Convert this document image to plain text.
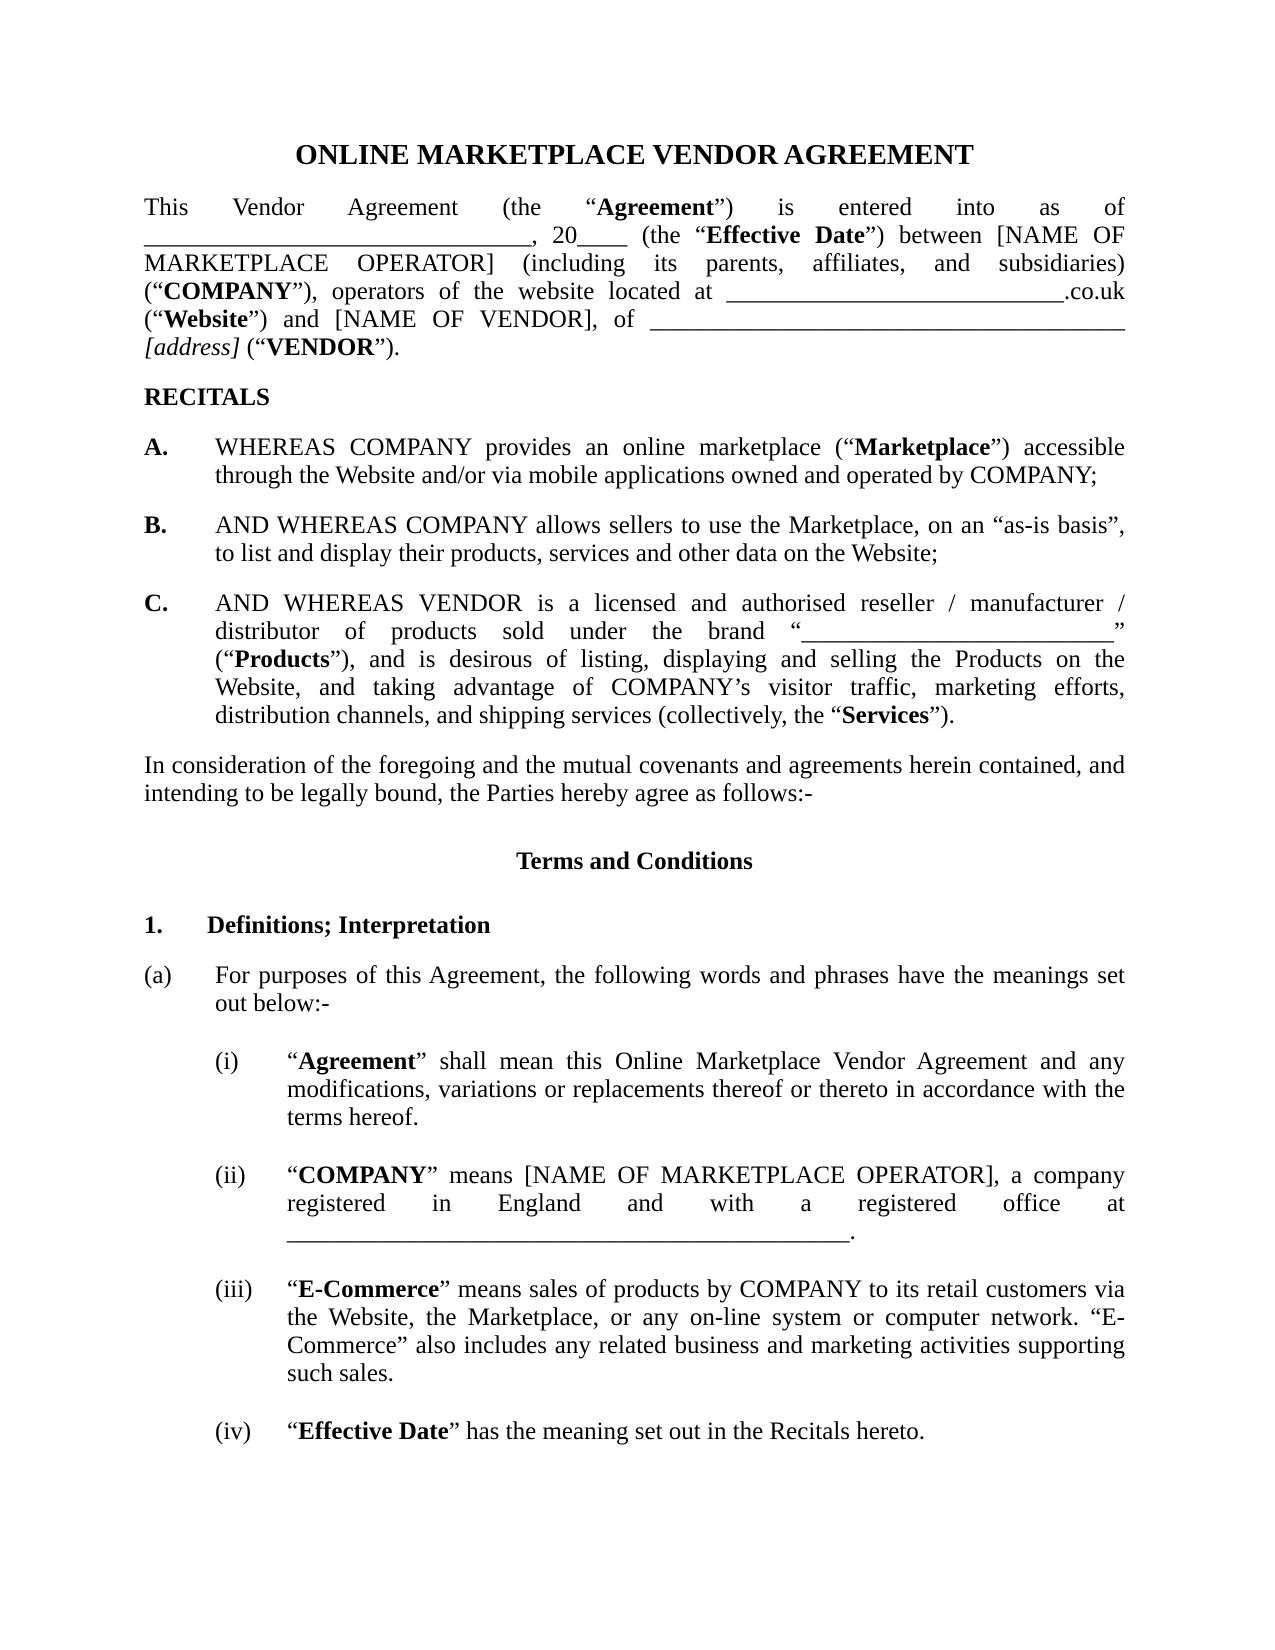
ONLINE MARKETPLACE VENDOR AGREEMENT

This Vendor Agreement (the “Agreement”) is entered into as of _______________________________, 20____ (the “Effective Date”) between [NAME OF MARKETPLACE OPERATOR] (including its parents, affiliates, and subsidiaries) (“COMPANY”), operators of the website located at ___________________________.co.uk (“Website”) and [NAME OF VENDOR], of ______________________________________ [address] (“VENDOR”).

RECITALS
A. WHEREAS COMPANY provides an online marketplace (“Marketplace”) accessible through the Website and/or via mobile applications owned and operated by COMPANY;
B. AND WHEREAS COMPANY allows sellers to use the Marketplace, on an “as-is basis”, to list and display their products, services and other data on the Website;
C. AND WHEREAS VENDOR is a licensed and authorised reseller / manufacturer / distributor of products sold under the brand “_________________________” (“Products”), and is desirous of listing, displaying and selling the Products on the Website, and taking advantage of COMPANY’s visitor traffic, marketing efforts, distribution channels, and shipping services (collectively, the “Services”).

In consideration of the foregoing and the mutual covenants and agreements herein contained, and intending to be legally bound, the Parties hereby agree as follows:-

Terms and Conditions
1. Definitions; Interpretation
(a) For purposes of this Agreement, the following words and phrases have the meanings set out below:-
(i) “Agreement” shall mean this Online Marketplace Vendor Agreement and any modifications, variations or replacements thereof or thereto in accordance with the terms hereof.
(ii) “COMPANY” means [NAME OF MARKETPLACE OPERATOR], a company registered in England and with a registered office at _____________________________________________.
(iii) “E-Commerce” means sales of products by COMPANY to its retail customers via the Website, the Marketplace, or any on-line system or computer network. “E-Commerce” also includes any related business and marketing activities supporting such sales.
(iv) “Effective Date” has the meaning set out in the Recitals hereto.
